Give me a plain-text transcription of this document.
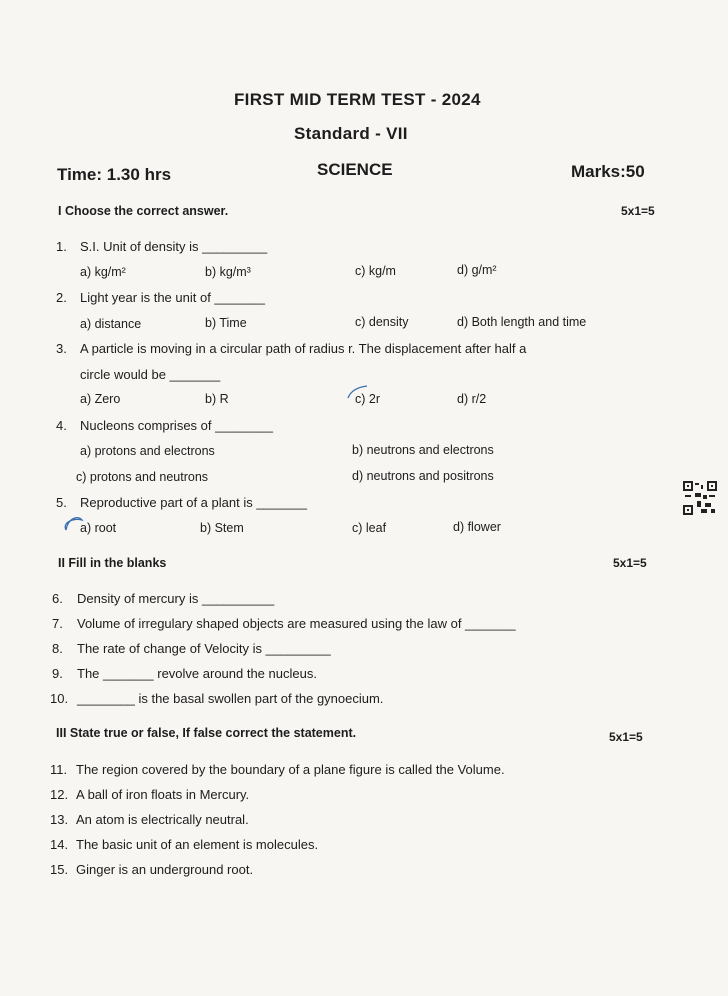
FIRST MID TERM TEST - 2024
Standard - VII
Time: 1.30 hrs	SCIENCE	Marks:50
I Choose the correct answer.	5x1=5
1. S.I. Unit of density is _________
a) kg/m²	b) kg/m³	c) kg/m	d) g/m²
2. Light year is the unit of _______
a) distance	b) Time	c) density	d) Both length and time
3. A particle is moving in a circular path of radius r. The displacement after half a
circle would be _______
a) Zero	b) R	c) 2r	d) r/2
4. Nucleons comprises of ________
a) protons and electrons	b) neutrons and electrons
c) protons and neutrons	d) neutrons and positrons
5. Reproductive part of a plant is _______
a) root	b) Stem	c) leaf	d) flower
II Fill in the blanks	5x1=5
6. Density of mercury is __________
7. Volume of irregulary shaped objects are measured using the law of _______
8. The rate of change of Velocity is _________
9. The _______ revolve around the nucleus.
10. ________ is the basal swollen part of the gynoecium.
III State true or false, If false correct the statement.	5x1=5
11. The region covered by the boundary of a plane figure is called the Volume.
12. A ball of iron floats in Mercury.
13. An atom is electrically neutral.
14. The basic unit of an element is molecules.
15. Ginger is an underground root.
